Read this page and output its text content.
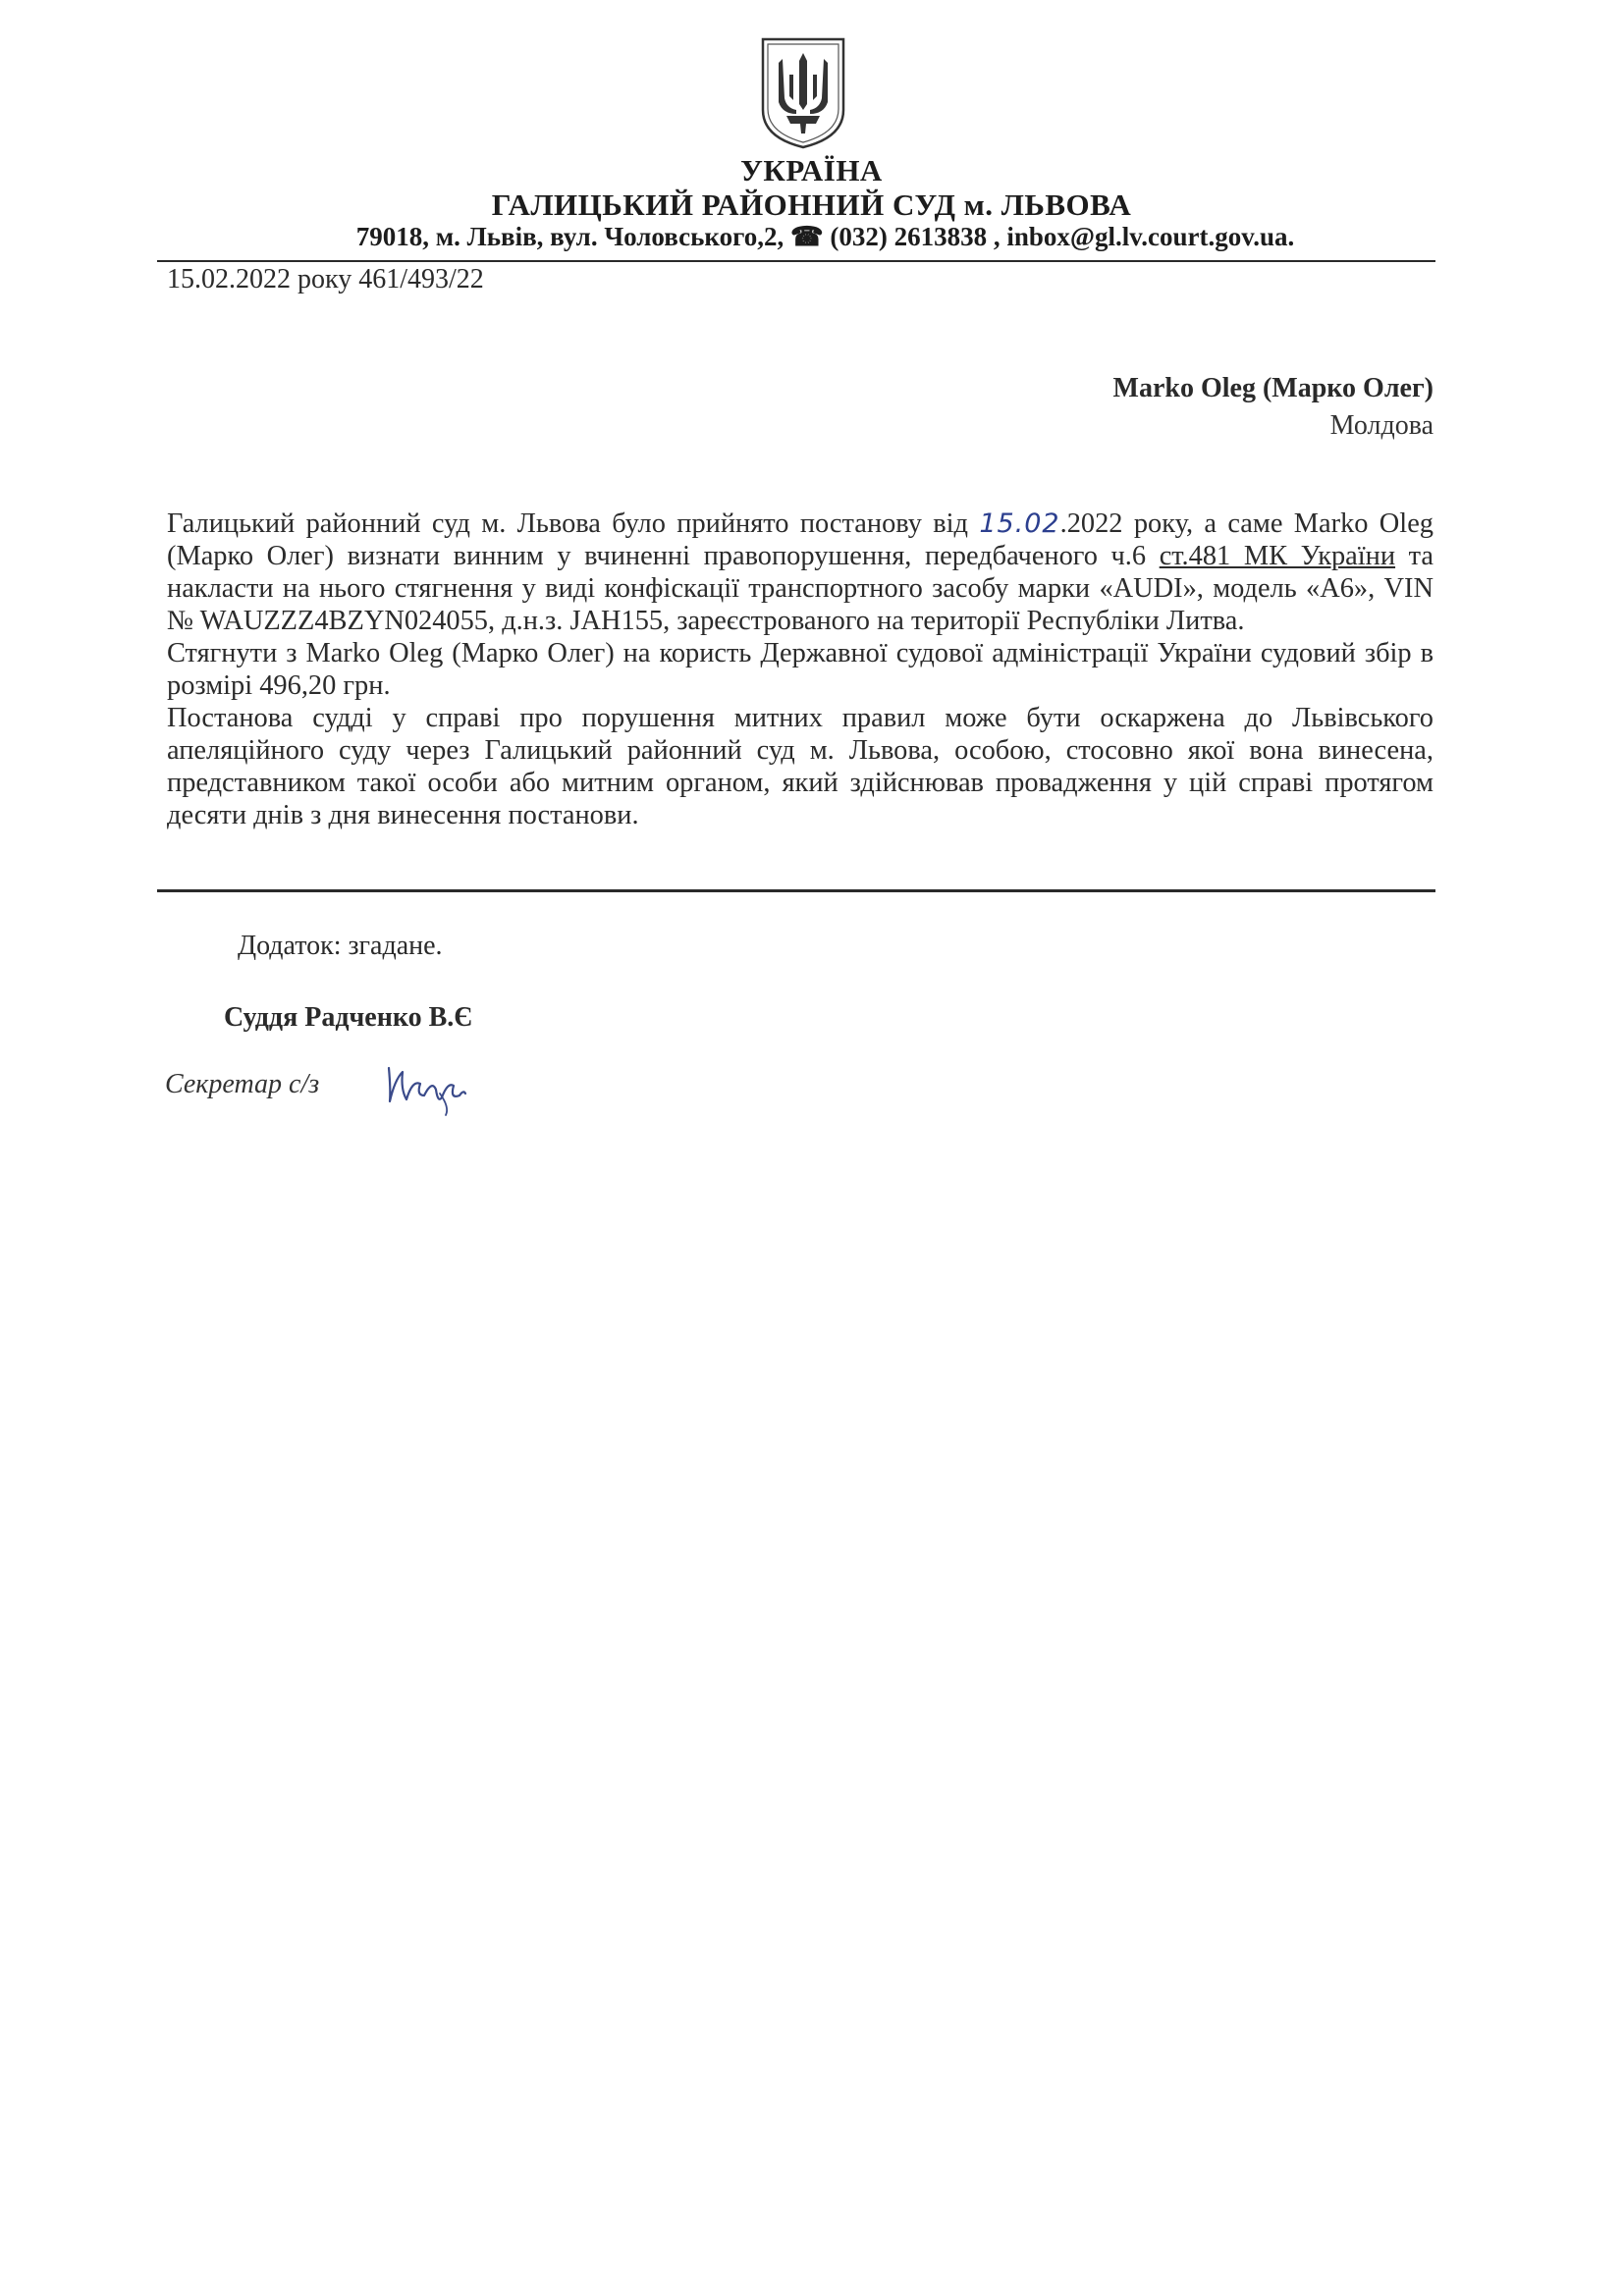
УКРАЇНА
ГАЛИЦЬКИЙ РАЙОННИЙ СУД м. ЛЬВОВА
79018, м. Львів, вул. Чоловського,2, ☎ (032) 2613838 , inbox@gl.lv.court.gov.ua.
15.02.2022 року 461/493/22
Marko Oleg (Марко Олег)
Молдова

Галицький районний суд м. Львова було прийнято постанову від 15.02.2022 року, а саме Marko Oleg (Марко Олег) визнати винним у вчиненні правопорушення, передбаченого ч.6 ст.481 МК України та накласти на нього стягнення у виді конфіскації транспортного засобу марки «AUDI», модель «А6», VIN № WAUZZZ4BZYN024055, д.н.з. JAH155, зареєстрованого на території Республіки Литва.

Стягнути з Marko Oleg (Марко Олег) на користь Державної судової адміністрації України судовий збір в розмірі 496,20 грн.

Постанова судді у справі про порушення митних правил може бути оскаржена до Львівського апеляційного суду через Галицький районний суд м. Львова, особою, стосовно якої вона винесена, представником такої особи або митним органом, який здійснював провадження у цій справі протягом десяти днів з дня винесення постанови.

Додаток: згадане.
Суддя Радченко В.Є
Секретар с/з
